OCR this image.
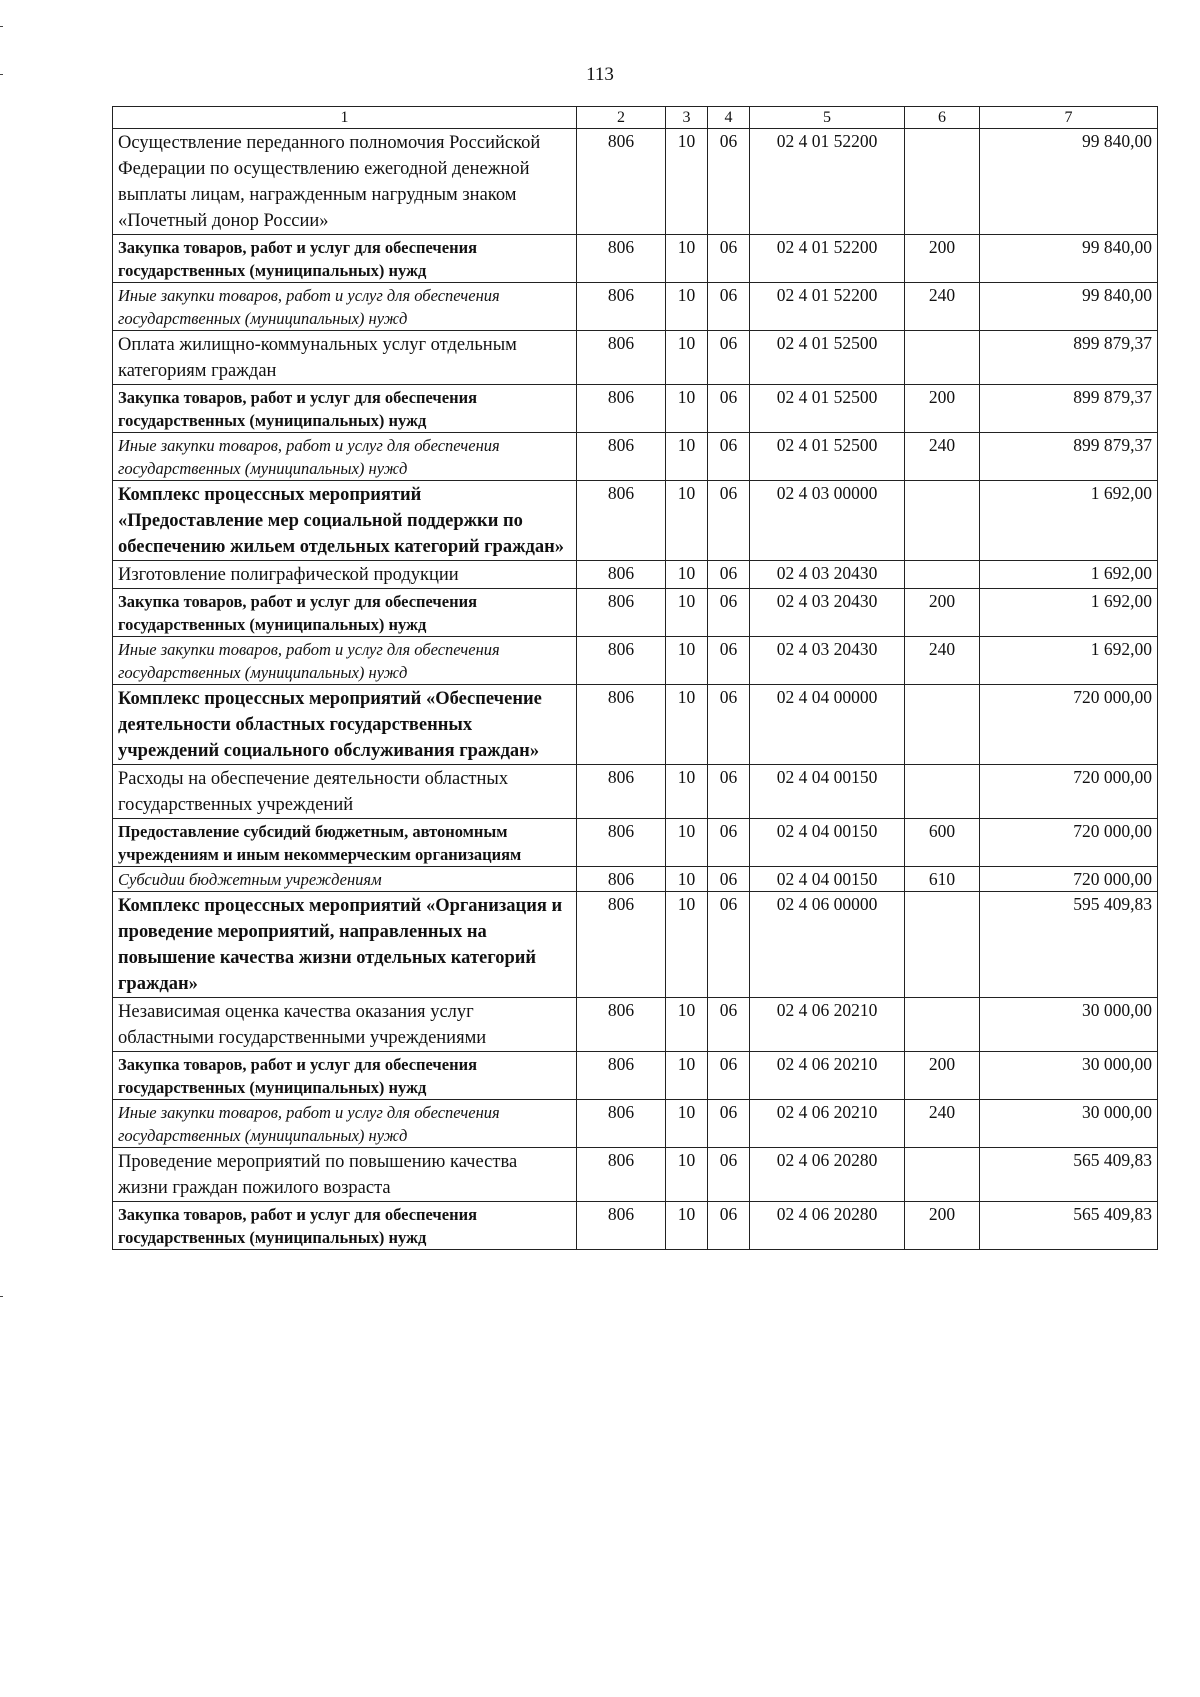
113
1	2	3	4	5	6	7
Осуществление переданного полномочия Российской Федерации по осуществлению ежегодной денежной выплаты лицам, награжденным нагрудным знаком «Почетный донор России»	806	10	06	02 4 01 52200		99 840,00
Закупка товаров, работ и услуг для обеспечения государственных (муниципальных) нужд	806	10	06	02 4 01 52200	200	99 840,00
Иные закупки товаров, работ и услуг для обеспечения государственных (муниципальных) нужд	806	10	06	02 4 01 52200	240	99 840,00
Оплата жилищно-коммунальных услуг отдельным категориям граждан	806	10	06	02 4 01 52500		899 879,37
Закупка товаров, работ и услуг для обеспечения государственных (муниципальных) нужд	806	10	06	02 4 01 52500	200	899 879,37
Иные закупки товаров, работ и услуг для обеспечения государственных (муниципальных) нужд	806	10	06	02 4 01 52500	240	899 879,37
Комплекс процессных мероприятий «Предоставление мер социальной поддержки по обеспечению жильем отдельных категорий граждан»	806	10	06	02 4 03 00000		1 692,00
Изготовление полиграфической продукции	806	10	06	02 4 03 20430		1 692,00
Закупка товаров, работ и услуг для обеспечения государственных (муниципальных) нужд	806	10	06	02 4 03 20430	200	1 692,00
Иные закупки товаров, работ и услуг для обеспечения государственных (муниципальных) нужд	806	10	06	02 4 03 20430	240	1 692,00
Комплекс процессных мероприятий «Обеспечение деятельности областных государственных учреждений социального обслуживания граждан»	806	10	06	02 4 04 00000		720 000,00
Расходы на обеспечение деятельности областных государственных учреждений	806	10	06	02 4 04 00150		720 000,00
Предоставление субсидий бюджетным, автономным учреждениям и иным некоммерческим организациям	806	10	06	02 4 04 00150	600	720 000,00
Субсидии бюджетным учреждениям	806	10	06	02 4 04 00150	610	720 000,00
Комплекс процессных мероприятий «Организация и проведение мероприятий, направленных на повышение качества жизни отдельных категорий граждан»	806	10	06	02 4 06 00000		595 409,83
Независимая оценка качества оказания услуг областными государственными учреждениями	806	10	06	02 4 06 20210		30 000,00
Закупка товаров, работ и услуг для обеспечения государственных (муниципальных) нужд	806	10	06	02 4 06 20210	200	30 000,00
Иные закупки товаров, работ и услуг для обеспечения государственных (муниципальных) нужд	806	10	06	02 4 06 20210	240	30 000,00
Проведение мероприятий по повышению качества жизни граждан пожилого возраста	806	10	06	02 4 06 20280		565 409,83
Закупка товаров, работ и услуг для обеспечения государственных (муниципальных) нужд	806	10	06	02 4 06 20280	200	565 409,83
